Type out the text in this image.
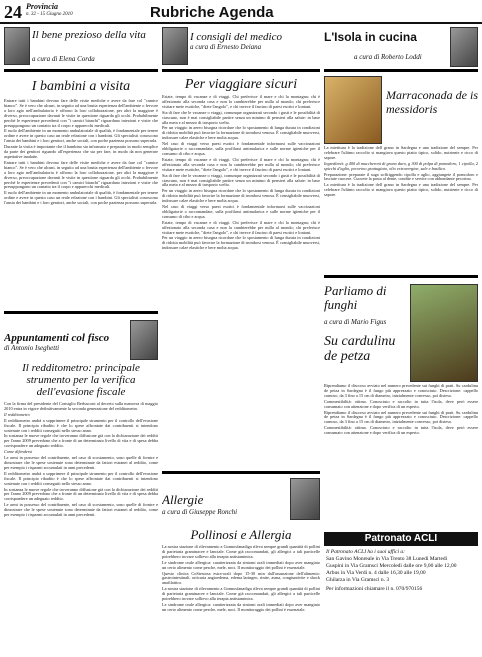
24 Provincia
n. 32 - 15 Giugno 2010	Rubriche Agenda
Il bene prezioso della vita
a cura di Elena Corda
I bambini a visita

Entrare tutti i bambini devono fare delle visite mediche e avere da fare col "camice bianco". Se è vero che alcuni, in seguito ad una brutta esperienza dell'ambiente o fervore a loro agio nell'ambulatorio è offrono la loro collaborazione, per altri la maggiore è diverso, preoccupazione davanti le visite in questione riguarda gli occhi. Probabilmente perché le esperienze precedenti con "i camici bianchi" riguardano iniezioni e visite che presuppongono un contatto tra il corpo e apparecchi medicali.

Il ruolo dell'ambiente in un momento ambulatoriale di qualità, è fondamentale per tenere ordine e avere in questo caso un reale relazione con i bambini. Gli specialisti conoscono l'ansia dei bambini e i loro genitori, anche sociali, con poche pazienza possono superarla.

Durante la visita è importante che il bambino sia informato e preparato in modo semplice da parte dei genitori riguardo all'esperienza che sta per fare, in modo da non generare aspettative inadatte.

Entrare tutti i bambini devono fare delle visite mediche e avere da fare col "camice bianco". Se è vero che alcuni, in seguito ad una brutta esperienza dell'ambiente o fervore a loro agio nell'ambulatorio è offrono la loro collaborazione, per altri la maggiore è diverso, preoccupazione davanti le visite in questione riguarda gli occhi. Probabilmente perché le esperienze precedenti con "i camici bianchi" riguardano iniezioni e visite che presuppongono un contatto tra il corpo e apparecchi medicali.

Il ruolo dell'ambiente in un momento ambulatoriale di qualità, è fondamentale per tenere ordine e avere in questo caso un reale relazione con i bambini. Gli specialisti conoscono l'ansia dei bambini e i loro genitori, anche sociali, con poche pazienza possono superarla.

Appuntamenti col fisco
di Antonio Iseghetti
Il redditometro: principale strumento per la verifica dell'evasione fiscale

Con la firma del presidente del Consiglio Berlusconi al decreto sulla manovra di maggio 2010 entra in vigore definitivamente la seconda generazione del redditometro.

Il redditometro

Il redditometro andrà a sopprimere il principale strumento per il controllo dell'evasione fiscale. Il principio ribadito è che lo spese affrontate dai contribuenti si intendono sostenute con i redditi conseguiti nello stesso anno.

In sostanza le nuove regole che troveranno diffusione già con la dichiarazione dei redditi per l'anno 2009 prevedono che a fronte di un determinato livello di vita e di spesa debba corrispondere un adeguato reddito.

Come difendersi

Le armi in possesso del contribuente, nel caso di scostamento, sono quelle di fornire e dimostrare che le spese sostenute sono determinate da fattori estranei al reddito, come per esempio i risparmi accumulati in anni precedenti.

Il redditometro andrà a sopprimere il principale strumento per il controllo dell'evasione fiscale. Il principio ribadito è che lo spese affrontate dai contribuenti si intendono sostenute con i redditi conseguiti nello stesso anno.

In sostanza le nuove regole che troveranno diffusione già con la dichiarazione dei redditi per l'anno 2009 prevedono che a fronte di un determinato livello di vita e di spesa debba corrispondere un adeguato reddito.

Le armi in possesso del contribuente, nel caso di scostamento, sono quelle di fornire e dimostrare che le spese sostenute sono determinate da fattori estranei al reddito, come per esempio i risparmi accumulati in anni precedenti.

I consigli del medico
a cura di Ernesto Deiana
Per viaggiare sicuri

Estate, tempo di vacanze e di viaggi. Chi preferisce il mare e chi la montagna; chi è affezionato alla seconda casa e non la cambierebbe per nulla al mondo; chi preferisce visitare mete esotiche, "diete l'angolo", e chi invece il fascino di paesi esotici e lontani.

Sia di fare che le vacanze o viaggi, comunque organizzati secondo i gusti e le possibilità di ciascuno, non è mai consigliabile partire senza un minimo di pensieri alla salute: in base alla meta e al mezzo di trasporto scelto.

Per un viaggio in aereo bisogna ricordare che lo spostamento di lunga durata in condizioni di ridotta mobilità può favorire la formazione di trombosi venosa. È consigliabile muoversi, indossare calze elastiche e bere molta acqua.

Nel caso di viaggi verso paesi esotici è fondamentale informarsi sulle vaccinazioni obbligatorie o raccomandate, sulla profilassi antimalarica e sulle norme igieniche per il consumo di cibo e acqua.

Estate, tempo di vacanze e di viaggi. Chi preferisce il mare e chi la montagna; chi è affezionato alla seconda casa e non la cambierebbe per nulla al mondo; chi preferisce visitare mete esotiche, "diete l'angolo", e chi invece il fascino di paesi esotici e lontani.

Sia di fare che le vacanze o viaggi, comunque organizzati secondo i gusti e le possibilità di ciascuno, non è mai consigliabile partire senza un minimo di pensieri alla salute: in base alla meta e al mezzo di trasporto scelto.

Per un viaggio in aereo bisogna ricordare che lo spostamento di lunga durata in condizioni di ridotta mobilità può favorire la formazione di trombosi venosa. È consigliabile muoversi, indossare calze elastiche e bere molta acqua.

Nel caso di viaggi verso paesi esotici è fondamentale informarsi sulle vaccinazioni obbligatorie o raccomandate, sulla profilassi antimalarica e sulle norme igieniche per il consumo di cibo e acqua.

Estate, tempo di vacanze e di viaggi. Chi preferisce il mare e chi la montagna; chi è affezionato alla seconda casa e non la cambierebbe per nulla al mondo; chi preferisce visitare mete esotiche, "diete l'angolo", e chi invece il fascino di paesi esotici e lontani.

Per un viaggio in aereo bisogna ricordare che lo spostamento di lunga durata in condizioni di ridotta mobilità può favorire la formazione di trombosi venosa. È consigliabile muoversi, indossare calze elastiche e bere molta acqua.

Allergie
a cura di Giuseppe Ronchi
Pollinosi e Allergia

La nostra stazione di rilevamento a Gonnosfanadiga rileva sempre grandi quantità di pollini di parietaria graminacee e lanciale. Come già raccomandati, gli allergici a tali particelle potrebbero trovare sollievo alla terapia antistaminica.

Le sindrome orale allergica: caratterizzata da sintomi orali immediati dopo aver mangiato un certo alimento come pesche, mele, noci. Il monitoraggio dei pollini è essenziale.

Questo clinica CoStestosa estra-orali dopo 15-30 min dall'assunzione dell'alimento: gastrointestinali, orticaria angioedema, edema laringeo, rinite, asma, congiuntivite e shock anafilattico.

La nostra stazione di rilevamento a Gonnosfanadiga rileva sempre grandi quantità di pollini di parietaria graminacee e lanciale. Come già raccomandati, gli allergici a tali particelle potrebbero trovare sollievo alla terapia antistaminica.

Le sindrome orale allergica: caratterizzata da sintomi orali immediati dopo aver mangiato un certo alimento come pesche, mele, noci. Il monitoraggio dei pollini è essenziale.

L'Isola in cucina
a cura di Roberto Loddi
Marraconada de is messidoris

La mietitura è la tradizione dell grano in Sardegna e una tradizione del sempre. Per celebrare l'ultimo raccolto si mangiava questo piatto tipico, solido, nutriente e ricco di sapore.

Ingredienti: g 400 di maccheroni di grano duro, g 300 di polpa di pomodoro, 1 cipolla, 2 spicchi d'aglio, pecorino grattugiato, olio extravergine, sale e basilico.

Preparazione: preparate il sugo soffriggendo cipolla e aglio, aggiungete il pomodoro e lasciate cuocere. Cuocete la pasta al dente, condite e servite con abbondante pecorino.

La mietitura è la tradizione dell grano in Sardegna e una tradizione del sempre. Per celebrare l'ultimo raccolto si mangiava questo piatto tipico, solido, nutriente e ricco di sapore.

Parliamo di funghi
a cura di Mario Figus
Su cardulinu de petza

Riprendiamo il discorso avviato nel numero precedente sui funghi di prati. Su cardulinu de petza in Sardegna è il fungo più apprezzato e conosciuto. Descrizione: cappello carnoso, da 3 fino a 15 cm di diametro, inizialmente convesso, poi disteso.

Commestibilità: ottimo. Conosciuto e raccolto in tutta l'isola, deve però essere consumato con attenzione e dopo verifica di un esperto.

Riprendiamo il discorso avviato nel numero precedente sui funghi di prati. Su cardulinu de petza in Sardegna è il fungo più apprezzato e conosciuto. Descrizione: cappello carnoso, da 3 fino a 15 cm di diametro, inizialmente convesso, poi disteso.

Commestibilità: ottimo. Conosciuto e raccolto in tutta l'isola, deve però essere consumato con attenzione e dopo verifica di un esperto.

Patronato ACLI
Il Patronato ACLI ha i suoi uffici a:
San Gavino Monreale in Via Trento 38 Lunedì Martedì
Guspini in Via Gramsci Mercoledì dalle ore 9,00 alle 12,00
Arbus in Via Verdi n. 4 dalle 16,30 alle 19,00
Ghilarza in Via Gramsci n. 3
Per informazioni chiamare il n. 070/970156
